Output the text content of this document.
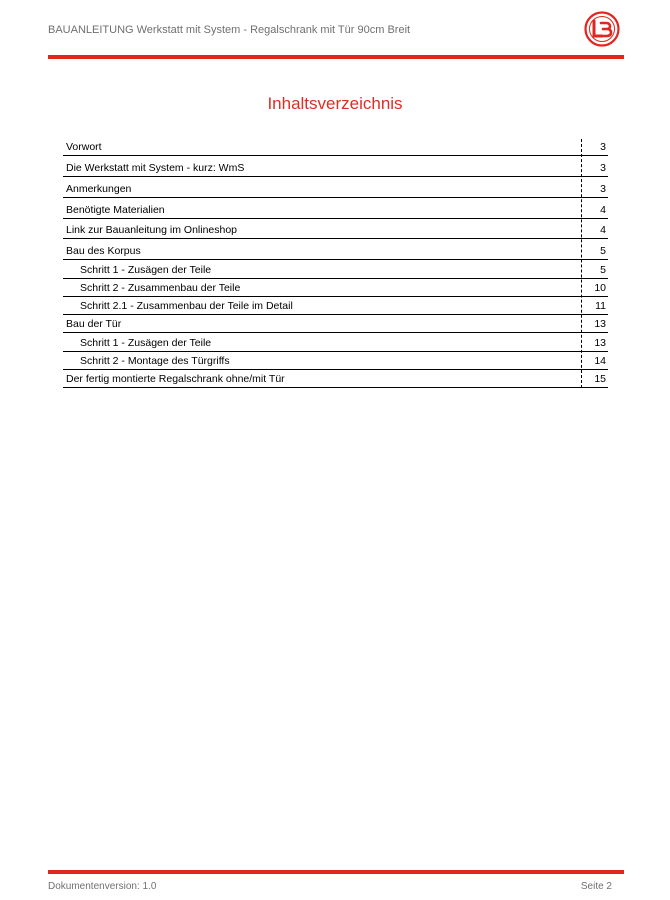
BAUANLEITUNG Werkstatt mit System - Regalschrank mit Tür 90cm Breit
Inhaltsverzeichnis
Vorwort	3
Die Werkstatt mit System - kurz: WmS	3
Anmerkungen	3
Benötigte Materialien	4
Link zur Bauanleitung im Onlineshop	4
Bau des Korpus	5
Schritt 1 - Zusägen der Teile	5
Schritt 2 - Zusammenbau der Teile	10
Schritt 2.1 - Zusammenbau der Teile im Detail	11
Bau der Tür	13
Schritt 1 - Zusägen der Teile	13
Schritt 2 - Montage des Türgriffs	14
Der fertig montierte Regalschrank ohne/mit Tür	15
Dokumentenversion: 1.0	Seite 2
